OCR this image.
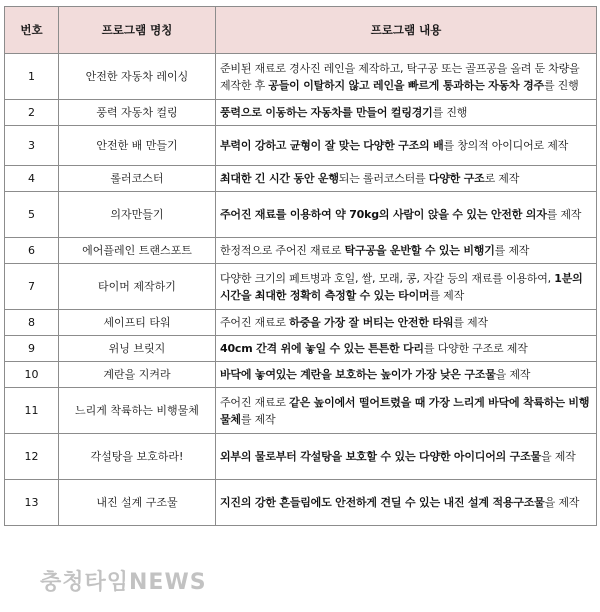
번호	프로그램 명칭	프로그램 내용
1	안전한 자동차 레이싱	준비된 재료로 경사진 레인을 제작하고, 탁구공 또는 골프공을 올려 둔 차량을 제작한 후 공들이 이탈하지 않고 레인을 빠르게 통과하는 자동차 경주를 진행
2	풍력 자동차 컬링	풍력으로 이동하는 자동차를 만들어 컬링경기를 진행
3	안전한 배 만들기	부력이 강하고 균형이 잘 맞는 다양한 구조의 배를 창의적 아이디어로 제작
4	롤러코스터	최대한 긴 시간 동안 운행되는 롤러코스터를 다양한 구조로 제작
5	의자만들기	주어진 재료를 이용하여 약 70kg의 사람이 앉을 수 있는 안전한 의자를 제작
6	에어플레인 트랜스포트	한정적으로 주어진 재료로 탁구공을 운반할 수 있는 비행기를 제작
7	타이머 제작하기	다양한 크기의 페트병과 호일, 쌀, 모래, 콩, 자갈 등의 재료를 이용하여, 1분의 시간을 최대한 정확히 측정할 수 있는 타이머를 제작
8	세이프티 타워	주어진 재료로 하중을 가장 잘 버티는 안전한 타워를 제작
9	위닝 브릿지	40cm 간격 위에 놓일 수 있는 튼튼한 다리를 다양한 구조로 제작
10	계란을 지켜라	바닥에 놓여있는 계란을 보호하는 높이가 가장 낮은 구조물을 제작
11	느리게 착륙하는 비행물체	주어진 재료로 같은 높이에서 떨어트렸을 때 가장 느리게 바닥에 착륙하는 비행물체를 제작
12	각설탕을 보호하라!	외부의 물로부터 각설탕을 보호할 수 있는 다양한 아이디어의 구조물을 제작
13	내진 설계 구조물	지진의 강한 흔들림에도 안전하게 견딜 수 있는 내진 설계 적용구조물을 제작
충청타임NEWS
